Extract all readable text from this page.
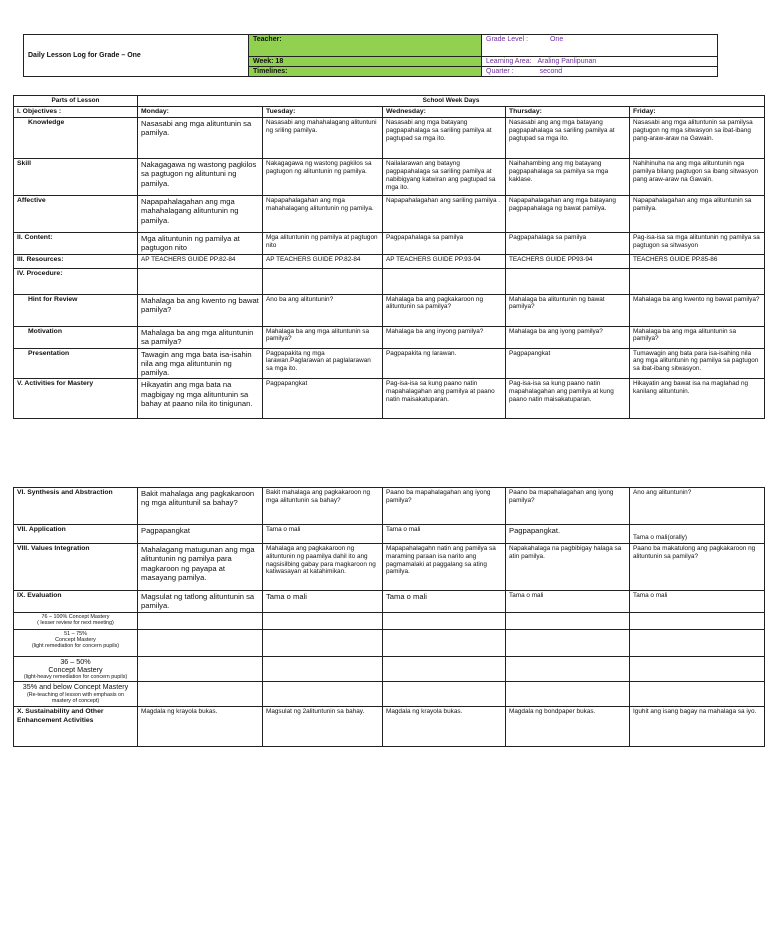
Daily Lesson Log for Grade – One	Teacher:	Grade Level : One
	Week: 18	Learning Area: Araling Panlipunan
	Timelines:	Quarter : second
Parts of Lesson	School Week Days				
I. Objectives :	Monday:	Tuesday:	Wednesday:	Thursday:	Friday:
Knowledge	Nasasabi ang mga alituntunin sa pamilya.	Nasasabi ang mahahalagang alituntuni ng sriling pamilya.	Nasasabi ang mga batayang pagpapahalaga sa sariling pamilya at pagtupad sa mga ito.	Nasasabi ang ang mga batayang pagpapahalaga sa sariling pamilya at pagtupad sa mga ito.	Nasasabi ang mga alituntunin sa pamilysa pagtugon ng mga sitwasyon sa ibat-ibang pang-araw-araw na Gawain.
Skill	Nakagagawa ng wastong pagkilos sa pagtugon ng alituntuni ng pamilya.	Nakagagawa ng wastong pagkilos sa pagtugon ng alituntunin ng pamilya.	Nailalarawan ang batayng pagpapahalaga sa sariling pamilya at nabibigyang katwiran ang pagtupad sa mga ito.	Naihahambing ang mg batayang pagpapahalaga sa pamilya sa mga kaklase.	Nahihinuha na ang mga alituntunin nga pamilya bilang pagtugon sa ibang sitwasyon pang araw-araw na Gawain.
Affective	Napapahalagahan ang mga mahahalagang alituntunin ng pamilya.	Napapahalagahan ang mga mahahalagang alituntunin ng pamilya.	Napapahalagahan ang sariling pamilya .	Napapahalagahan ang mga batayang pagpapahalaga ng bawat pamilya.	Napapahalagahan ang mga alituntunin sa pamilya.
II. Content:	Mga alituntunin ng pamilya at pagtugon nito	Mga alituntunin ng pamilya at pagtugon nito	Pagpapahalaga sa pamilya	Pagpapahalaga sa pamilya	Pag-isa-isa sa mga alituntunin ng pamilya sa pagtugon sa sitwasyon
III. Resources:	AP TEACHERS GUIDE PP.82-84	AP TEACHERS GUIDE PP.82-84	AP TEACHERS GUIDE PP.93-94	TEACHERS GUIDE PP93-94	TEACHERS GUIDE PP.85-86
IV. Procedure:					
Hint for Review	Mahalaga ba ang kwento ng bawat pamilya?	Ano ba ang alituntunin?	Mahalaga ba ang pagkakaroon ng alituntunin sa pamilya?	Mahalaga ba alituntunin ng bawat pamilya?	Mahalaga ba ang kwento ng bawat pamilya?
Motivation	Mahalaga ba ang mga alituntunin sa pamilya?	Mahalaga ba ang mga alituntunin sa pamilya?	Mahalaga ba ang inyong pamilya?	Mahalaga ba ang iyong pamilya?	Mahalaga ba ang mga alituntunin sa pamilya?
Presentation	Tawagin ang mga bata isa-isahin nila ang mga alituntunin ng pamilya.	Pagpapakita ng mga larawan.Paglarawan at paglalarawan sa mga ito.	Pagpapakita ng larawan.	Pagpapangkat	Tumawagin ang bata para isa-isahing nila ang mga alituntunin ng pamilya sa pagtugon sa ibat-ibang sitwasyon.
V. Activities for Mastery	Hikayatin ang mga bata na magbigay ng mga alituntunin sa bahay at paano nila ito tinigunan.	Pagpapangkat	Pag-isa-isa sa kung paano natin mapahalagahan ang pamilya at paano natin maisakatuparan.	Pag-isa-isa sa kung paano natin mapahalagahan ang pamilya at kung paano natin maisakatuparan.	Hikayatin ang bawat isa na maglahad ng kanilang alituntunin.
VI. Synthesis and Abstraction	Bakit mahalaga ang pagkakaroon ng mga alituntunil sa bahay?	Bakit mahalaga ang pagkakaroon ng mga alituntunin sa bahay?	Paano ba mapahalagahan ang iyong pamilya?	Paano ba mapahalagahan ang iyong pamilya?	Ano ang alituntunin?
VII. Application	Pagpapangkat	Tama o mali	Tama o mali	Pagpapangkat.	Tama o mali(orally)
VIII. Values Integration	Mahalagang matugunan ang mga alituntunin ng pamilya para magkaroon ng payapa at masayang pamilya.	Mahalaga ang pagkakaroon ng alituntunin ng paamilya dahil ito ang nagsisilbing gabay para magkaroon ng katiwasayan at katahimikan.	Mapapahalagahn natin ang pamilya sa maraming paraan isa narito ang pagmamalaki at paggalang sa ating pamilya.	Napakahalaga na pagbibigay halaga sa atin pamilya.	Paano ba makatulong ang pagkakaroon ng alituntunin sa pamilya?
IX. Evaluation	Magsulat ng tatlong alituntunin sa pamilya.	Tama o mali	Tama o mali	Tama o mali	Tama o mali

76 – 100% Concept Mastery
( lesser review for next meeting)					

51 – 75%
Concept Mastery
(light remediation for concern pupils)					

36 – 50%
Concept Mastery
(light-heavy remediation for concern pupils)					

35% and below Concept Mastery
(Re-teaching of lesson with emphasis on mastery of concept)					

X. Sustainability and Other Enhancement Activities	Magdala ng krayola bukas.	Magsulat ng 2alituntunin sa bahay.	Magdala ng krayola bukas.	Magdala ng bondpaper bukas.	Iguhit ang isang bagay na mahalaga sa iyo.
